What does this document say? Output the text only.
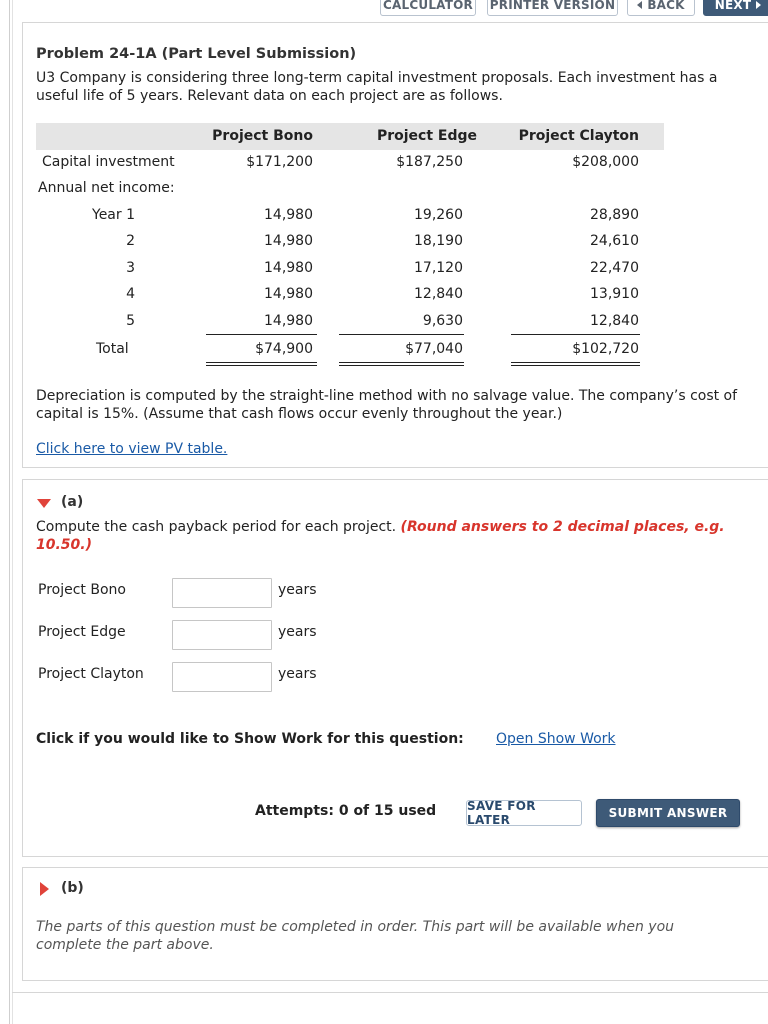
CALCULATOR PRINTER VERSION	BACK	NEXT
Problem 24-1A (Part Level Submission)
U3 Company is considering three long-term capital investment proposals. Each investment has a useful life of 5 years. Relevant data on each project are as follows.
Project Bono	Project Edge	Project Clayton
Capital investment	$171,200	$187,250	$208,000
Annual net income:
Year 1	14,980	19,260	28,890
2	14,980	18,190	24,610
3	14,980	17,120	22,470
4	14,980	12,840	13,910
5	14,980	9,630	12,840
Total	$74,900	$77,040	$102,720
Depreciation is computed by the straight-line method with no salvage value. The company’s cost of capital is 15%. (Assume that cash flows occur evenly throughout the year.)
Click here to view PV table.
(a)
Compute the cash payback period for each project. (Round answers to 2 decimal places, e.g. 10.50.)
Project Bono	years
Project Edge	years
Project Clayton	years
Click if you would like to Show Work for this question: Open Show Work
Attempts: 0 of 15 used	SAVE FOR LATER	SUBMIT ANSWER
(b)
The parts of this question must be completed in order. This part will be available when you complete the part above.
